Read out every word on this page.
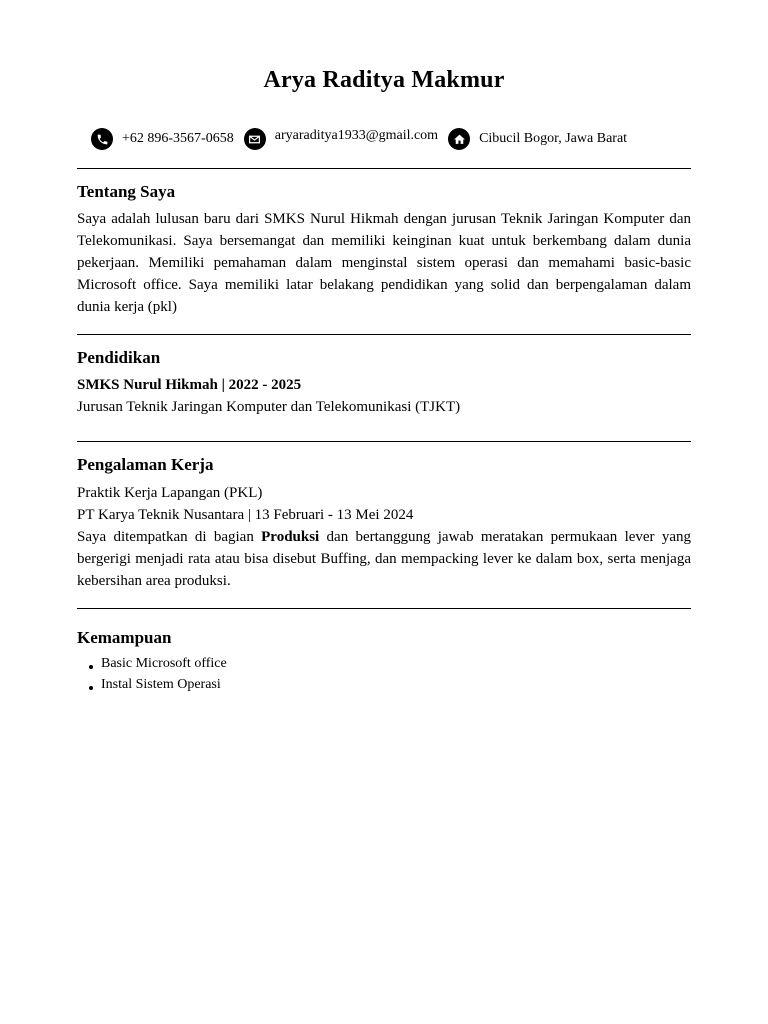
Arya Raditya Makmur
+62 896-3567-0658	aryaraditya1933@gmail.com	Cibucil Bogor, Jawa Barat
Tentang Saya
Saya adalah lulusan baru dari SMKS Nurul Hikmah dengan jurusan Teknik Jaringan Komputer dan Telekomunikasi. Saya bersemangat dan memiliki keinginan kuat untuk berkembang dalam dunia pekerjaan. Memiliki pemahaman dalam menginstal sistem operasi dan memahami basic-basic Microsoft office. Saya memiliki latar belakang pendidikan yang solid dan berpengalaman dalam dunia kerja (pkl)
Pendidikan
SMKS Nurul Hikmah | 2022 - 2025
Jurusan Teknik Jaringan Komputer dan Telekomunikasi (TJKT)
Pengalaman Kerja
Praktik Kerja Lapangan (PKL)
PT Karya Teknik Nusantara | 13 Februari - 13 Mei 2024
Saya ditempatkan di bagian Produksi dan bertanggung jawab meratakan permukaan lever yang bergerigi menjadi rata atau bisa disebut Buffing, dan mempacking lever ke dalam box, serta menjaga kebersihan area produksi.
Kemampuan
Basic Microsoft office
Instal Sistem Operasi
